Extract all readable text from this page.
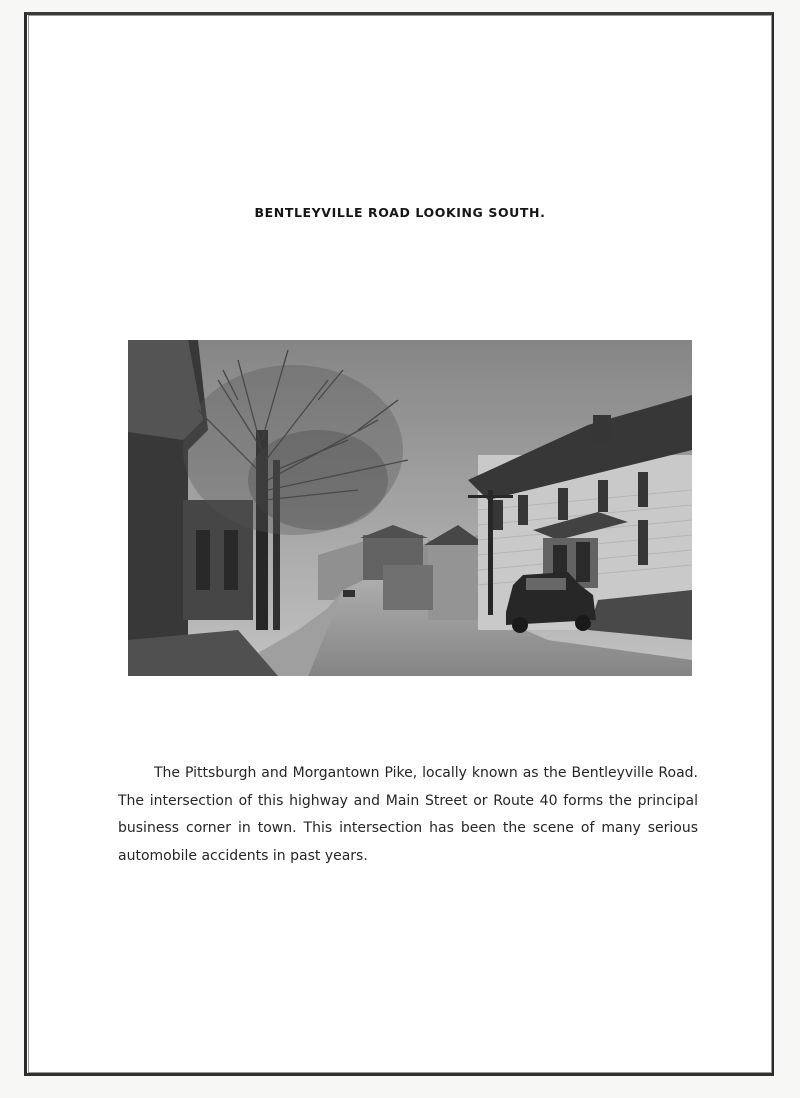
BENTLEYVILLE ROAD LOOKING SOUTH.

The Pittsburgh and Morgantown Pike, locally known as the Bentleyville Road. The intersection of this highway and Main Street or Route 40 forms the principal business corner in town. This intersection has been the scene of many serious automobile accidents in past years.
